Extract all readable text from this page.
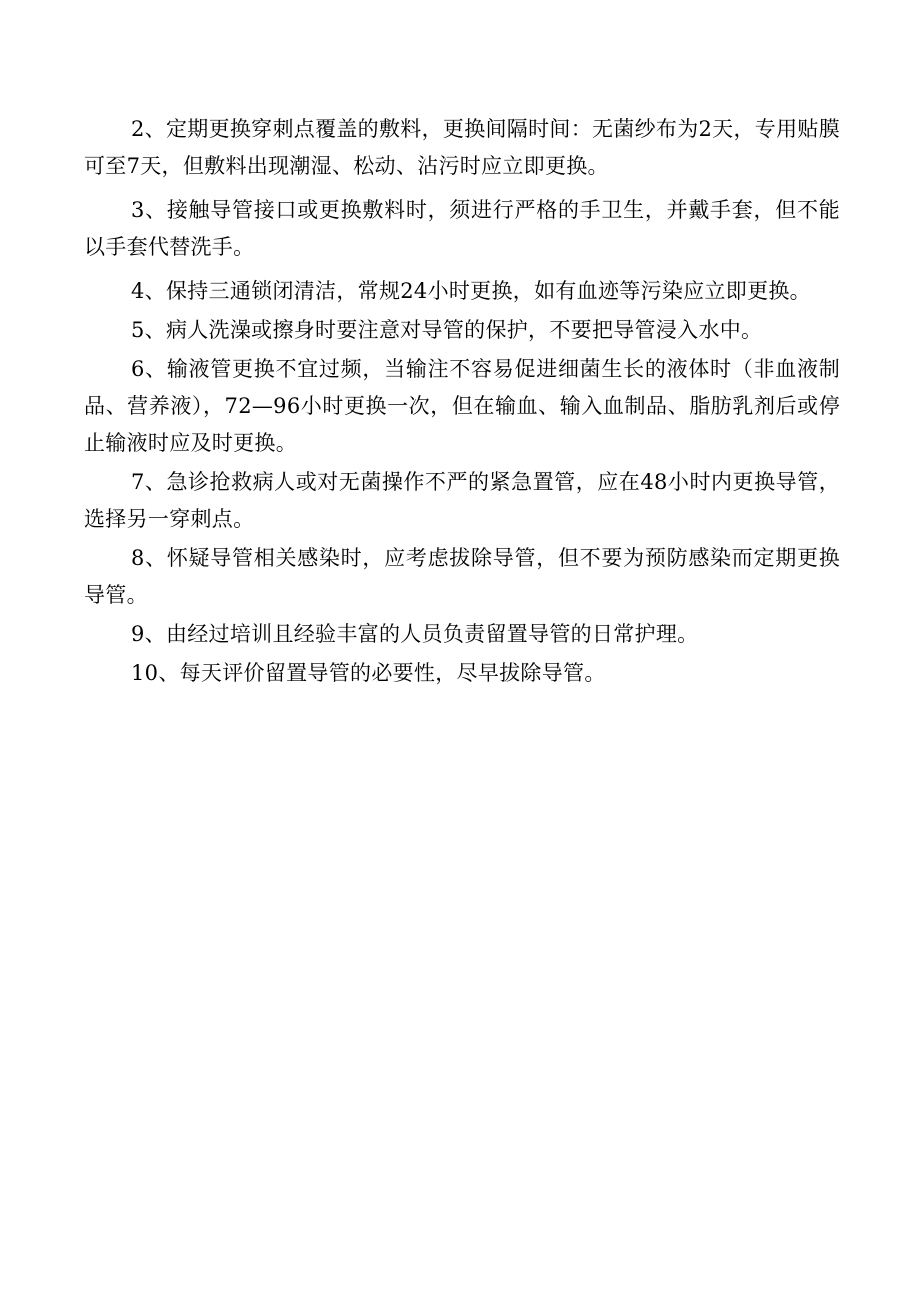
2、定期更换穿刺点覆盖的敷料，更换间隔时间：无菌纱布为2天，专用贴膜可至7天，但敷料出现潮湿、松动、沾污时应立即更换。

3、接触导管接口或更换敷料时，须进行严格的手卫生，并戴手套，但不能以手套代替洗手。

4、保持三通锁闭清洁，常规24小时更换，如有血迹等污染应立即更换。

5、病人洗澡或擦身时要注意对导管的保护，不要把导管浸入水中。

6、输液管更换不宜过频，当输注不容易促进细菌生长的液体时（非血液制品、营养液），72—96小时更换一次，但在输血、输入血制品、脂肪乳剂后或停止输液时应及时更换。

7、急诊抢救病人或对无菌操作不严的紧急置管，应在48小时内更换导管，选择另一穿刺点。

8、怀疑导管相关感染时，应考虑拔除导管，但不要为预防感染而定期更换导管。

9、由经过培训且经验丰富的人员负责留置导管的日常护理。

10、每天评价留置导管的必要性，尽早拔除导管。
